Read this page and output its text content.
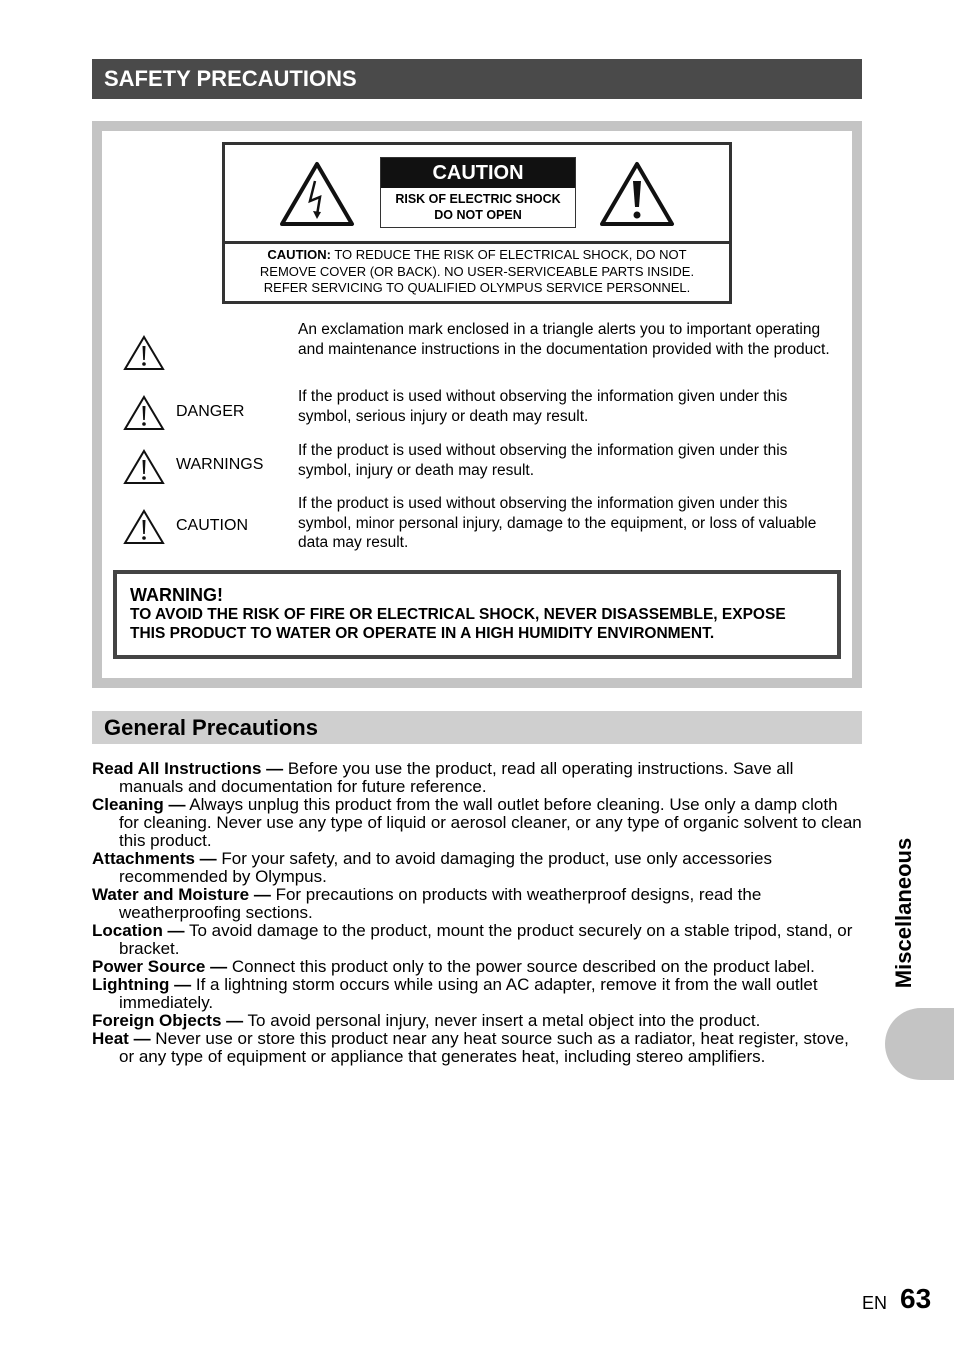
SAFETY PRECAUTIONS
CAUTION
RISK OF ELECTRIC SHOCK
DO NOT OPEN
CAUTION: TO REDUCE THE RISK OF ELECTRICAL SHOCK, DO NOT
REMOVE COVER (OR BACK). NO USER-SERVICEABLE PARTS INSIDE.
REFER SERVICING TO QUALIFIED OLYMPUS SERVICE PERSONNEL.
An exclamation mark enclosed in a triangle alerts you to important operating and maintenance instructions in the documentation provided with the product.
DANGER
If the product is used without observing the information given under this symbol, serious injury or death may result.
WARNINGS
If the product is used without observing the information given under this symbol, injury or death may result.
CAUTION
If the product is used without observing the information given under this symbol, minor personal injury, damage to the equipment, or loss of valuable data may result.
WARNING!
TO AVOID THE RISK OF FIRE OR ELECTRICAL SHOCK, NEVER DISASSEMBLE, EXPOSE
THIS PRODUCT TO WATER OR OPERATE IN A HIGH HUMIDITY ENVIRONMENT.
General Precautions

Read All Instructions — Before you use the product, read all operating instructions. Save all manuals and documentation for future reference.

Cleaning — Always unplug this product from the wall outlet before cleaning. Use only a damp cloth for cleaning. Never use any type of liquid or aerosol cleaner, or any type of organic solvent to clean this product.

Attachments — For your safety, and to avoid damaging the product, use only accessories recommended by Olympus.

Water and Moisture — For precautions on products with weatherproof designs, read the weatherproofing sections.

Location — To avoid damage to the product, mount the product securely on a stable tripod, stand, or bracket.

Power Source — Connect this product only to the power source described on the product label.

Lightning — If a lightning storm occurs while using an AC adapter, remove it from the wall outlet immediately.

Foreign Objects — To avoid personal injury, never insert a metal object into the product.

Heat — Never use or store this product near any heat source such as a radiator, heat register, stove, or any type of equipment or appliance that generates heat, including stereo amplifiers.

Miscellaneous
EN 63
